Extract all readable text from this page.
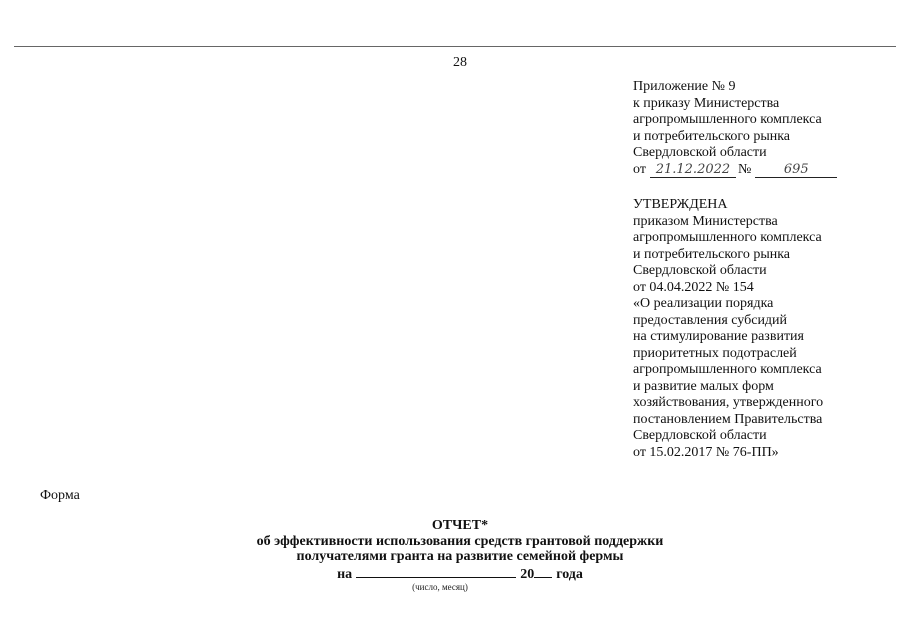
28
Приложение № 9
к приказу Министерства
агропромышленного комплекса
и потребительского рынка
Свердловской области
от 21.12.2022 №	695
УТВЕРЖДЕНА
приказом Министерства
агропромышленного комплекса
и потребительского рынка
Свердловской области
от 04.04.2022 № 154
«О реализации порядка
предоставления субсидий
на стимулирование развития
приоритетных подотраслей
агропромышленного комплекса
и развитие малых форм
хозяйствования, утвержденного
постановлением Правительства
Свердловской области
от 15.02.2017 № 76-ПП»
Форма
ОТЧЕТ*
об эффективности использования средств грантовой поддержки
получателями гранта на развитие семейной фермы
на	20 года
(число, месяц)
